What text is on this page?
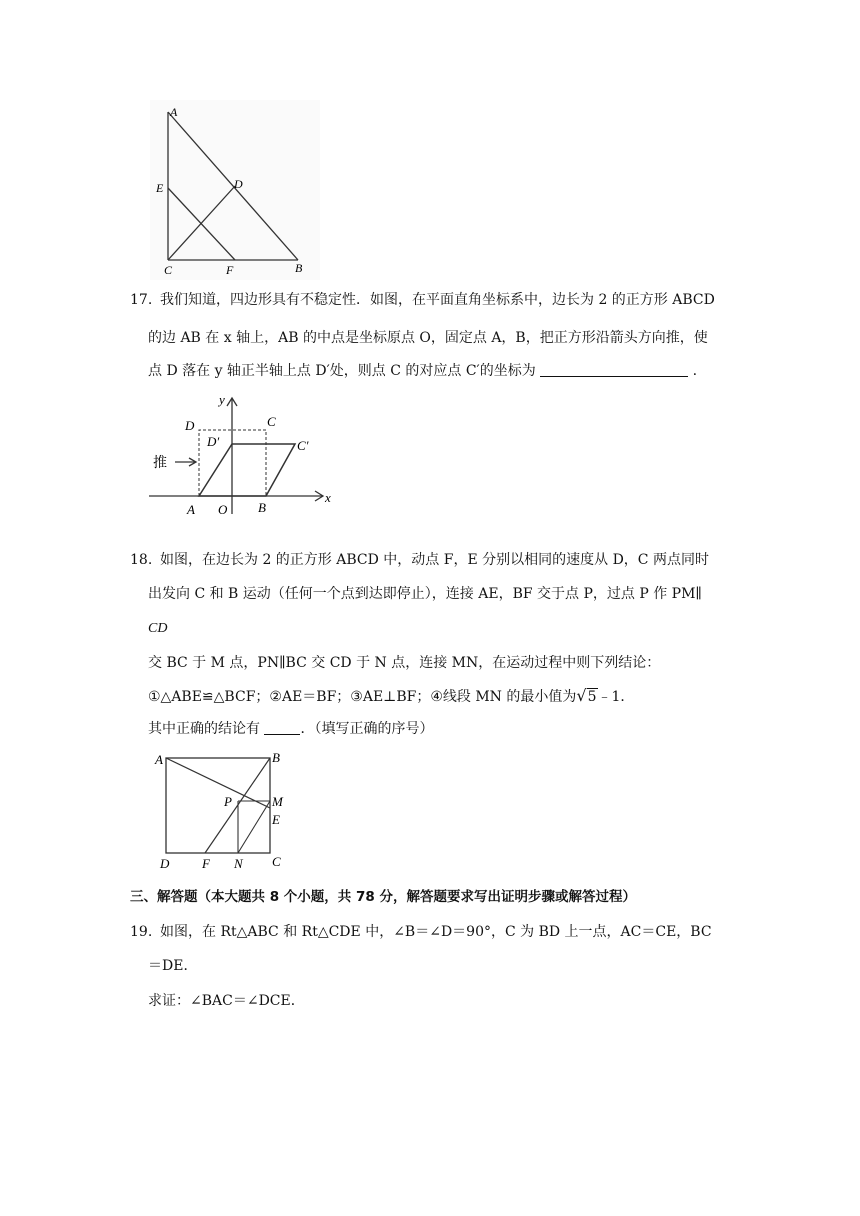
A
E	D
C	F	B
17. 我们知道，四边形具有不稳定性．如图，在平面直角坐标系中，边长为 2 的正方形 ABCD
的边 AB 在 x 轴上，AB 的中点是坐标原点 O，固定点 A，B，把正方形沿箭头方向推，使
点 D 落在 y 轴正半轴上点 D′处，则点 C 的对应点 C′的坐标为	.
y
x
D	C
D′	C′
推
A O B
18. 如图，在边长为 2 的正方形 ABCD 中，动点 F，E 分别以相同的速度从 D，C 两点同时
出发向 C 和 B 运动（任何一个点到达即停止），连接 AE，BF 交于点 P，过点 P 作 PM∥
CD
交 BC 于 M 点，PN∥BC 交 CD 于 N 点，连接 MN，在运动过程中则下列结论：
①△ABE≌△BCF；②AE＝BF；③AE⊥BF；④线段 MN 的最小值为√5﹣1．
其中正确的结论有	．（填写正确的序号）
A	B
P	M
E
D	F N C
三、解答题（本大题共 8 个小题，共 78 分，解答题要求写出证明步骤或解答过程）
19. 如图，在 Rt△ABC 和 Rt△CDE 中，∠B＝∠D＝90°，C 为 BD 上一点，AC＝CE，BC
＝DE．
求证：∠BAC＝∠DCE．
